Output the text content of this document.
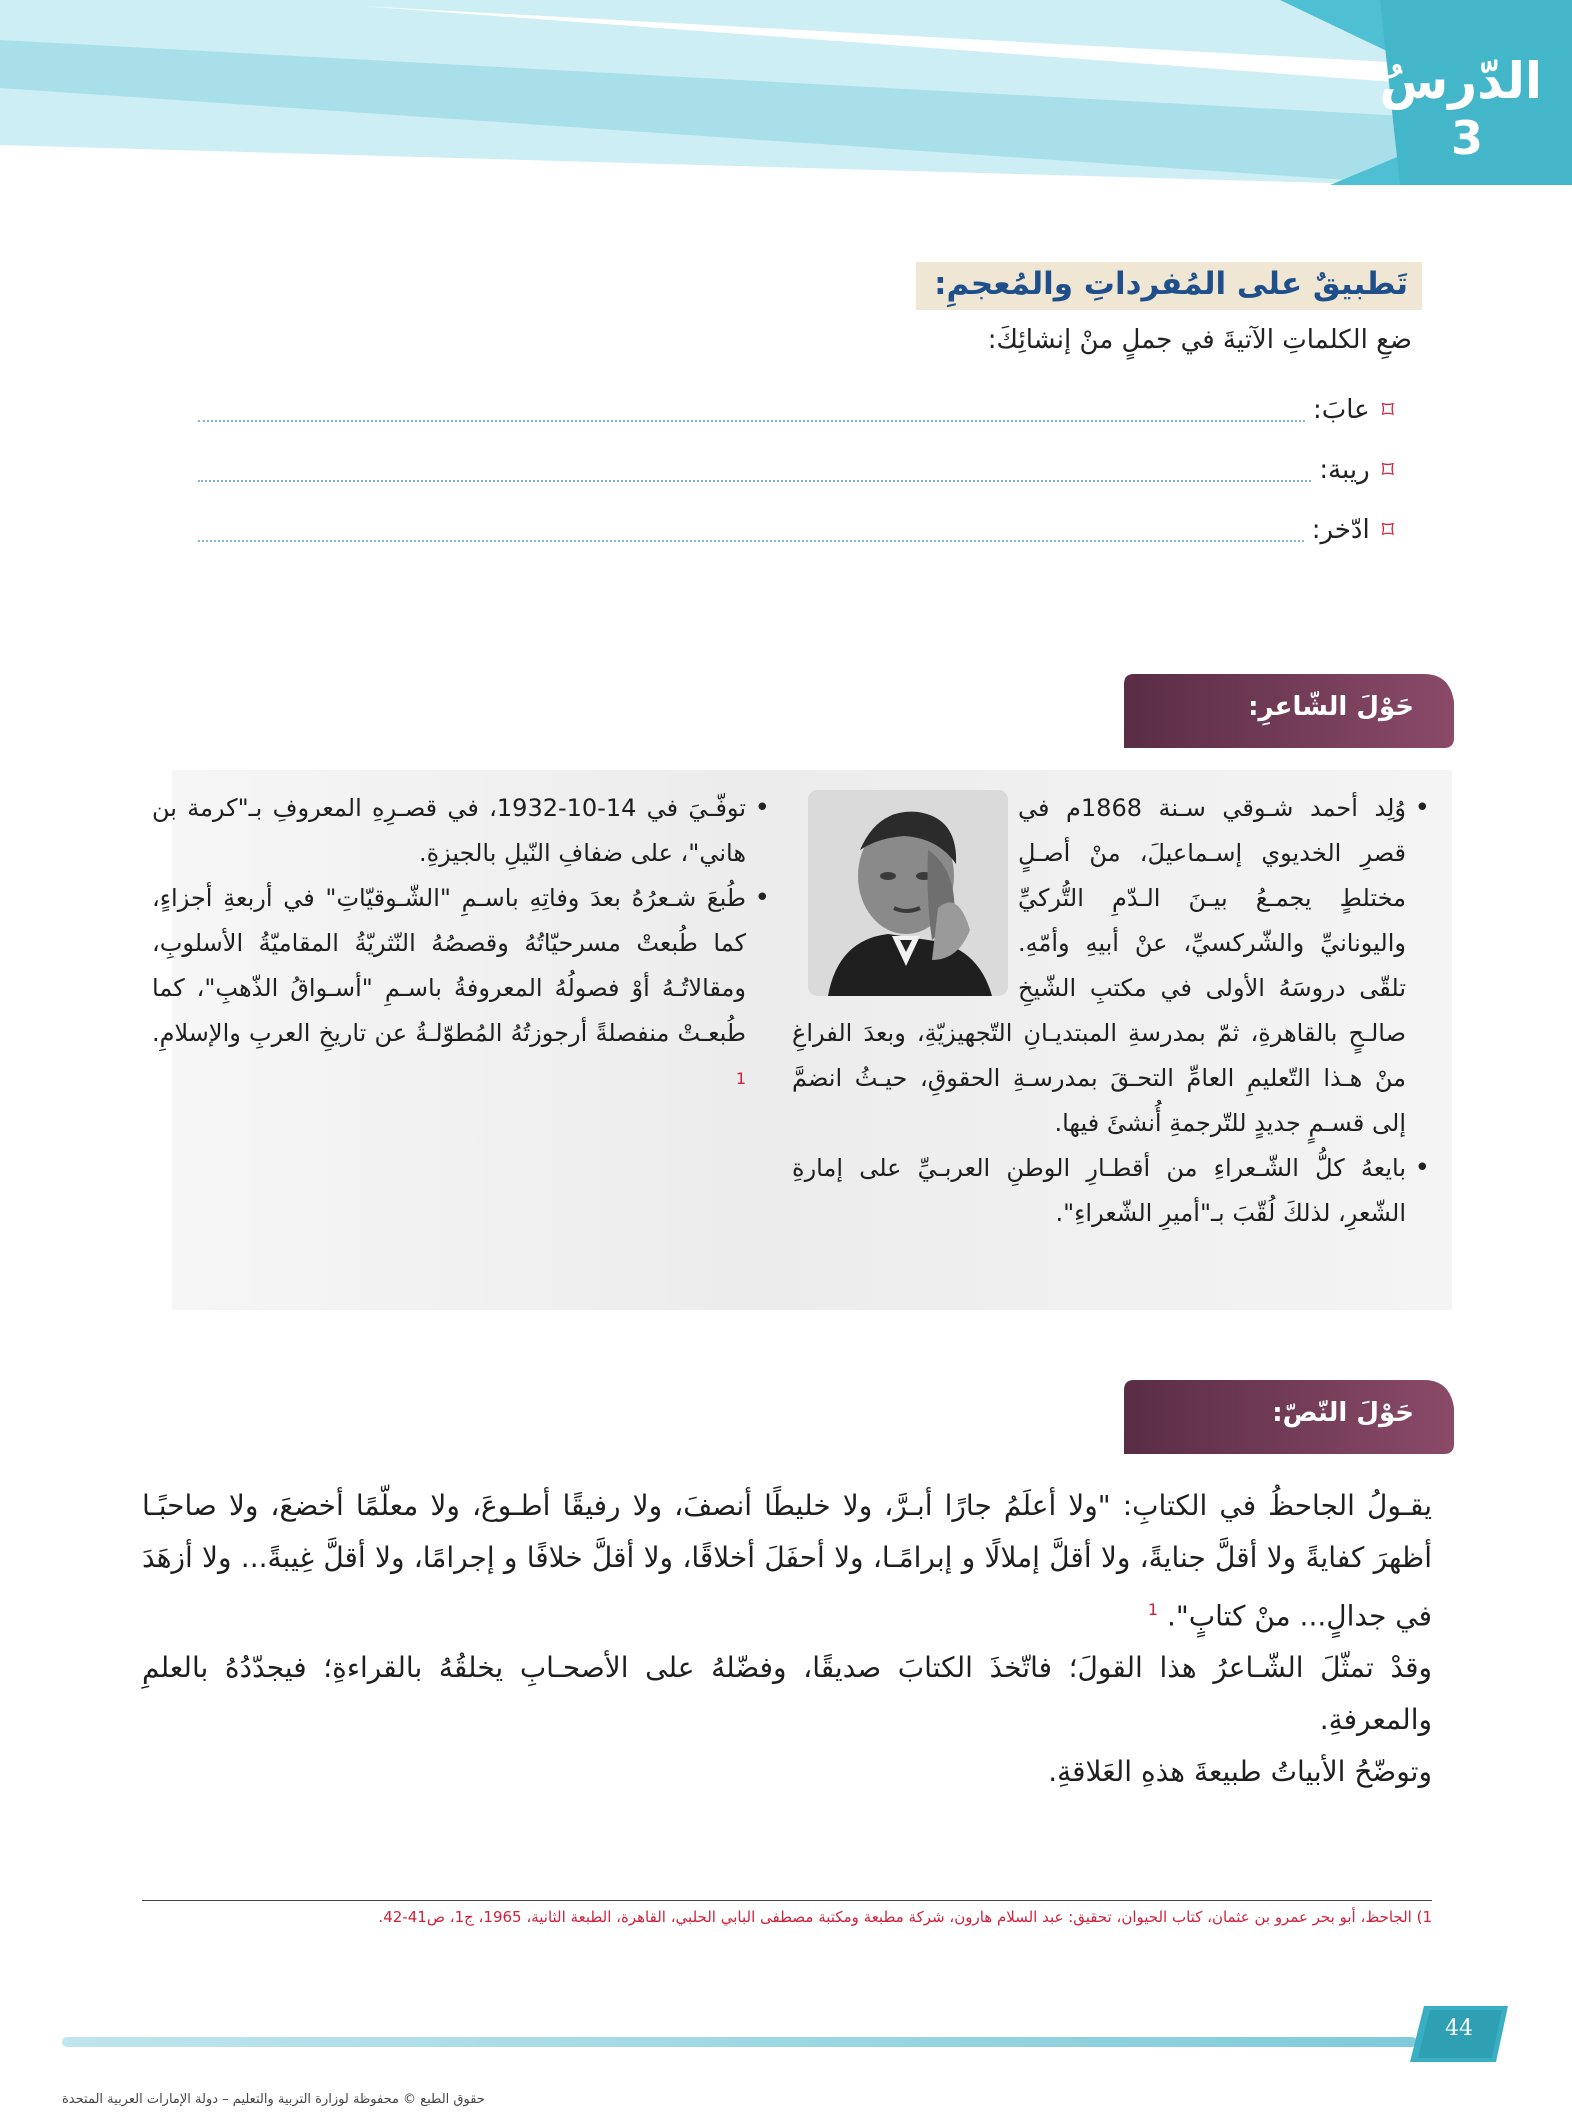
الدّرسُ
3
تَطبيقٌ على المُفرداتِ والمُعجمِ:
ضعِ الكلماتِ الآتيةَ في جملٍ منْ إنشائِكَ:
⌑
عابَ:
⌑
ريبة:
⌑
ادّخر:
حَوْلَ الشّاعرِ:
• وُلِد أحمد شـوقي سـنة 1868م في قصرِ الخديوي إسـماعيلَ، منْ أصـلٍ مختلطٍ يجمـعُ بيـنَ الـدّمِ التُّركيِّ واليونانيِّ والشّركسيِّ، عنْ أبيهِ وأمّهِ. تلقّى دروسَهُ الأولى في مكتبِ الشّيخِ صالـحٍ بالقاهرةِ، ثمّ بمدرسةِ المبتديـانِ التّجهيزيّةِ، وبعدَ الفراغِ منْ هـذا التّعليمِ العامِّ التحـقَ بمدرسـةِ الحقوقِ، حيـثُ انضمَّ إلى قسـمٍ جديدٍ للتّرجمةِ أُنشئَ فيها.
• بايعهُ كلُّ الشّـعراءِ من أقطـارِ الوطنِ العربـيِّ على إمارةِ الشّعرِ، لذلكَ لُقّبَ بـ"أميرِ الشّعراءِ".
• توفّـيَ في 14-10-1932، في قصـرِهِ المعروفِ بـ"كرمة بن هاني"، على ضفافِ النّيلِ بالجيزةِ.
• طُبعَ شـعرُهُ بعدَ وفاتِهِ باسـمِ "الشّـوقيّاتِ" في أربعةِ أجزاءٍ، كما طُبعتْ مسرحيّاتُهُ وقصصُهُ النّثريّةُ المقاميّةُ الأسلوبِ، ومقالاتُـهُ أوْ فصولُهُ المعروفةُ باسـمِ "أسـواقُ الذّهبِ"، كما طُبعـتْ منفصلةً أرجوزتُهُ المُطوّلـةُ عن تاريخِ العربِ والإسلامِ. $^1$
حَوْلَ النّصّ:

يقـولُ الجاحظُ في الكتابِ: "ولا أعلَمُ جارًا أبـرَّ، ولا خليطًا أنصفَ، ولا رفيقًا أطـوعَ، ولا معلّمًا أخضعَ، ولا صاحبًـا أظهرَ كفايةً ولا أقلَّ جنايةً، ولا أقلَّ إملالًا و إبرامًـا، ولا أحفَلَ أخلاقًا، ولا أقلَّ خلافًا و إجرامًا، ولا أقلَّ غِيبةً... ولا أزهَدَ في جدالٍ... منْ كتابٍ". $^1$

وقدْ تمثّلَ الشّـاعرُ هذا القولَ؛ فاتّخذَ الكتابَ صديقًا، وفضّلهُ على الأصحـابِ يخلقُهُ بالقراءةِ؛ فيجدّدُهُ بالعلمِ والمعرفةِ.

وتوضّحُ الأبياتُ طبيعةَ هذهِ العَلاقةِ.

1) الجاحظ، أبو بحر عمرو بن عثمان، كتاب الحيوان، تحقيق: عبد السلام هارون، شركة مطبعة ومكتبة مصطفى البابي الحلبي، القاهرة، الطبعة الثانية، 1965، ج1، ص41-42.
44
حقوق الطبع © محفوظة لوزارة التربية والتعليم – دولة الإمارات العربية المتحدة
